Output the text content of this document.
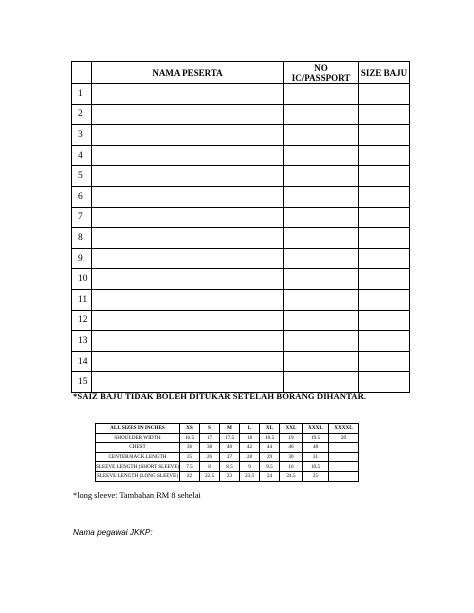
	NAMA PESERTA	NO
IC/PASSPORT	SIZE BAJU
1			
2			
3			
4			
5			
6			
7			
8			
9			
10			
11			
12			
13			
14			
15			
*SAIZ BAJU TIDAK BOLEH DITUKAR SETELAH BORANG DIHANTAR.
ALL SIZES IN INCHES	XS	S	M	L	XL	XXL	XXXL	XXXXL
SHOULDER WIDTH	16.5	17	17.5	18	18.5	19	19.5	20
CHEST	36	38	40	42	44	46	48	
CENTER/BACK LENGTH	25	26	27	28	29	30	31	
SLEEVE LENGTH (SHORT SLEEVE)	7.5	8	8.5	9	9.5	10	10.5	
SLEEVE LENGTH (LONG SLEEVE)	22	22.5	23	23.5	24	24.5	25	
*long sleeve: Tambahan RM 8 sehelai
Nama pegawai JKKP:
